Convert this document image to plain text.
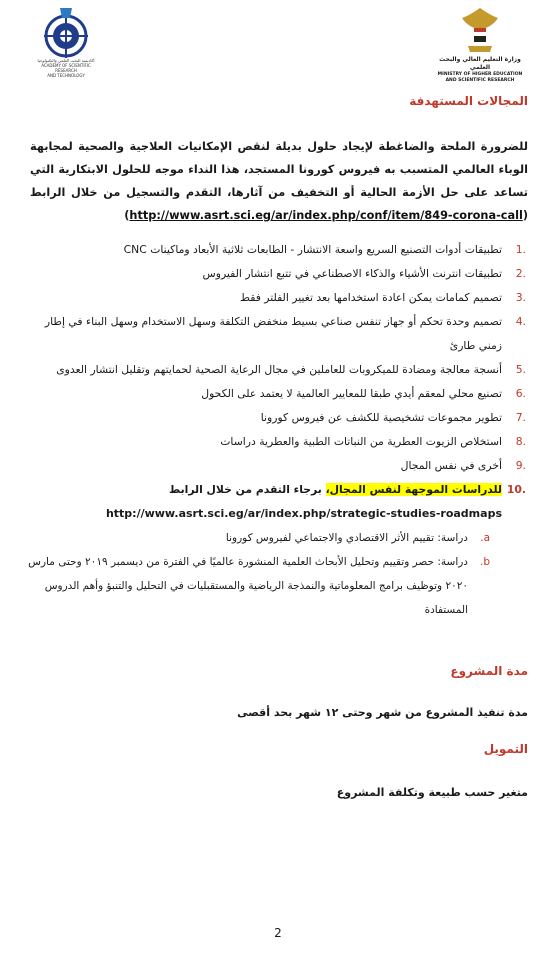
أكاديمية البحث العلمي والتكنولوجيا
ACADEMY OF SCIENTIFIC RESEARCH
AND TECHNOLOGY
وزارة التعليم العالي والبحث العلمي
MINISTRY OF HIGHER EDUCATION
AND SCIENTIFIC RESEARCH
المجالات المستهدفة
للضرورة الملحة والضاغطة لإيجاد حلول بديلة لنقص الإمكانيات العلاجية والصحية لمجابهة الوباء العالمي المتسبب به فيروس كورونا المستجد، هذا النداء موجه للحلول الابتكارية التي تساعد على حل الأزمة الحالية أو التخفيف من آثارها، التقدم والتسجيل من خلال الرابط (http://www.asrt.sci.eg/ar/index.php/conf/item/849-corona-call)
1.
تطبيقات أدوات التصنيع السريع واسعة الانتشار - الطابعات ثلاثية الأبعاد وماكينات CNC
2.
تطبيقات انترنت الأشياء والذكاء الاصطناعي في تتبع انتشار الفيروس
3.
تصميم كمامات يمكن اعادة استخدامها بعد تغيير الفلتر فقط
4.
تصميم وحدة تحكم أو جهاز تنفس صناعي بسيط منخفض التكلفة وسهل الاستخدام وسهل البناء في إطار زمني طارئ
5.
أنسجة معالجة ومضادة للميكروبات للعاملين في مجال الرعاية الصحية لحمايتهم وتقليل انتشار العدوى
6.
تصنيع محلي لمعقم أيدي طبقا للمعايير العالمية لا يعتمد على الكحول
7.
تطوير مجموعات تشخيصية للكشف عن فيروس كورونا
8.
استخلاص الزيوت العطرية من النباتات الطبية والعطرية دراسات
9.
أخرى في نفس المجال
10.
للدراسات الموجهة لنفس المجال، برجاء التقدم من خلال الرابط
http://www.asrt.sci.eg/ar/index.php/strategic-studies-roadmaps
a.
دراسة: تقييم الأثر الاقتصادي والاجتماعي لفيروس كورونا
b.
دراسة: حصر وتقييم وتحليل الأبحاث العلمية المنشورة عالميًا في الفترة من ديسمبر ٢٠١٩ وحتى مارس ٢٠٢٠ وتوظيف برامج المعلوماتية والنمذجة الرياضية والمستقبليات في التحليل والتنبؤ وأهم الدروس المستفادة
مدة المشروع
مدة تنفيذ المشروع من شهر وحتى ١٢ شهر بحد أقصى
التمويل
متغير حسب طبيعة وتكلفة المشروع
2
